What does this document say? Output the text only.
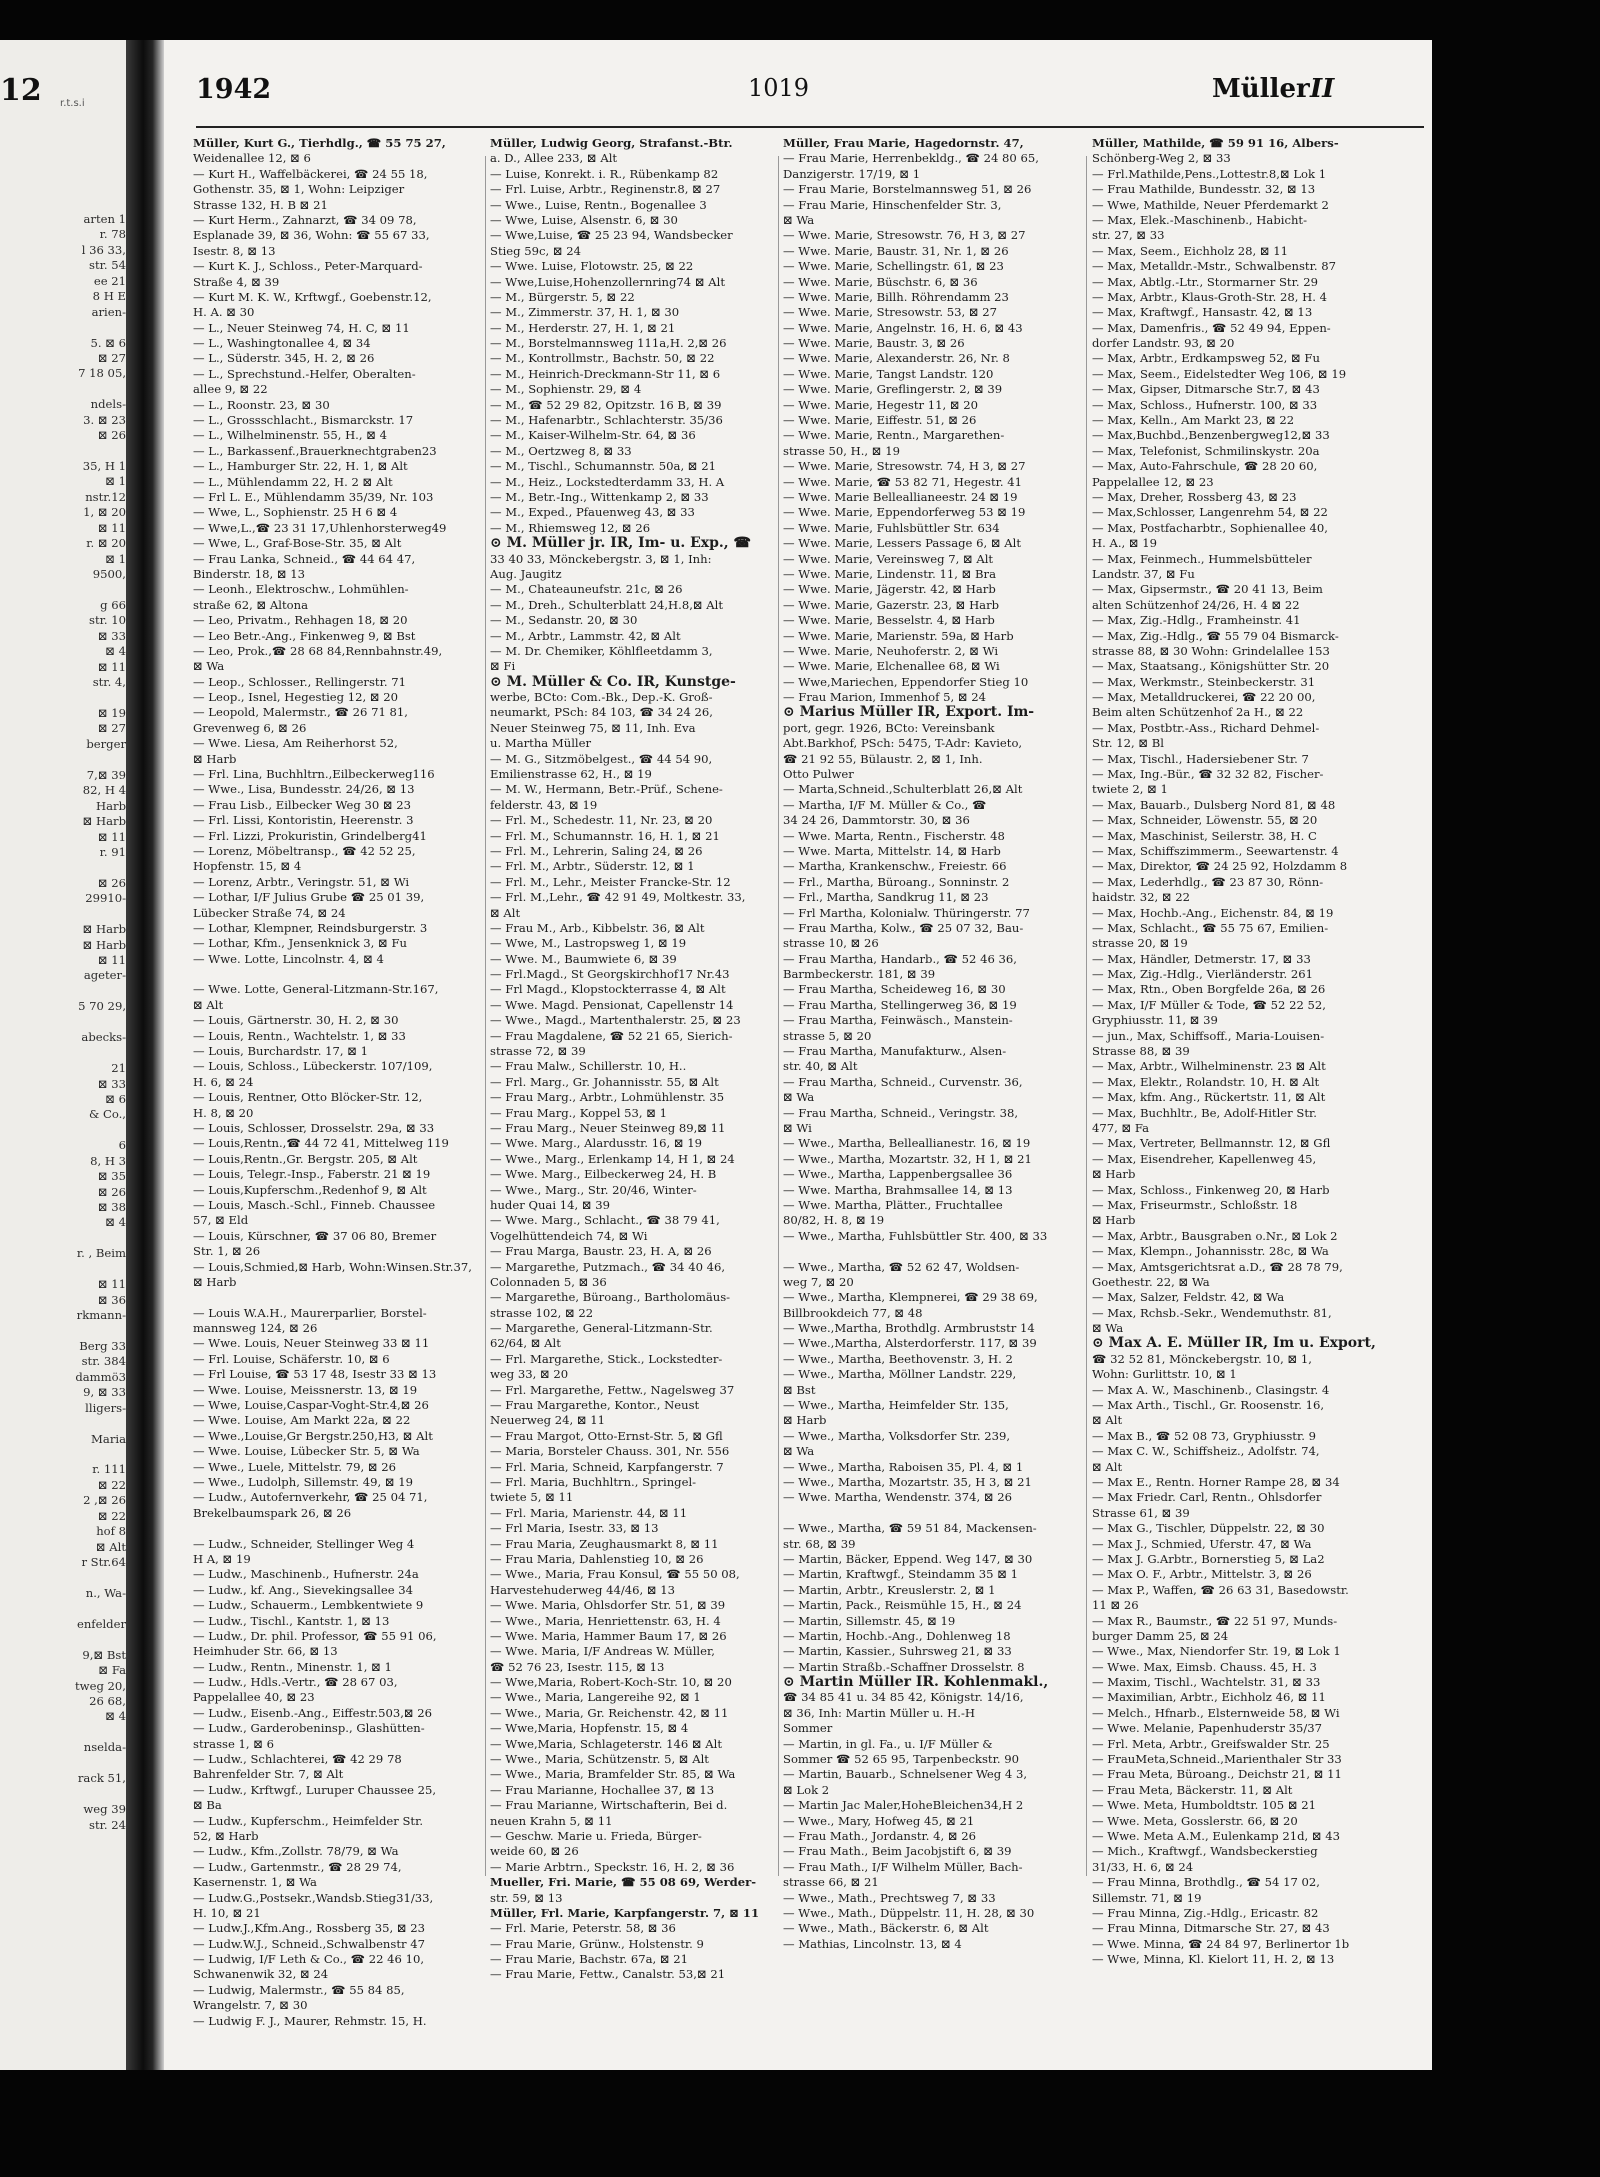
arten 1
r. 78
l 36 33,
str. 54
ee 21
8 H E
arien-
5. ⊠ 6
⊠ 27
7 18 05,
ndels-
3. ⊠ 23
⊠ 26
35, H 1
⊠ 1
nstr.12
1, ⊠ 20
⊠ 11
r. ⊠ 20
⊠ 1
9500,
g 66
str. 10
⊠ 33
⊠ 4
⊠ 11
str. 4,
⊠ 19
⊠ 27
berger
7,⊠ 39
82, H 4
Harb
⊠ Harb
⊠ 11
r. 91
⊠ 26
29910-
⊠ Harb
⊠ Harb
⊠ 11
ageter-
5 70 29,
abecks-
21
⊠ 33
⊠ 6
& Co.,
6
8, H 3
⊠ 35
⊠ 26
⊠ 38
⊠ 4
r. , Beim
⊠ 11
⊠ 36
rkmann-
Berg 33
str. 384
dammö3
9, ⊠ 33
lligers-
Maria
r. 111
⊠ 22
2 ,⊠ 26
⊠ 22
hof 8
⊠ Alt
r Str.64
n., Wa-
enfelder
9,⊠ Bst
⊠ Fa
tweg 20,
26 68,
⊠ 4
nselda-
rack 51,
weg 39
str. 24
12 r.t.s.i	1942	1019	Müller II
Müller, Kurt G., Tierhdlg., ☎ 55 75 27,
Weidenallee 12, ⊠ 6
— Kurt H., Waffelbäckerei, ☎ 24 55 18,
Gothenstr. 35, ⊠ 1, Wohn: Leipziger
Strasse 132, H. B ⊠ 21
— Kurt Herm., Zahnarzt, ☎ 34 09 78,
Esplanade 39, ⊠ 36, Wohn: ☎ 55 67 33,
Isestr. 8, ⊠ 13
— Kurt K. J., Schloss., Peter-Marquard-
Straße 4, ⊠ 39
— Kurt M. K. W., Krftwgf., Goebenstr.12,
H. A. ⊠ 30
— L., Neuer Steinweg 74, H. C, ⊠ 11
— L., Washingtonallee 4, ⊠ 34
— L., Süderstr. 345, H. 2, ⊠ 26
— L., Sprechstund.-Helfer, Oberalten-
allee 9, ⊠ 22
— L., Roonstr. 23, ⊠ 30
— L., Grossschlacht., Bismarckstr. 17
— L., Wilhelminenstr. 55, H., ⊠ 4
— L., Barkassenf.,Brauerknechtgraben23
— L., Hamburger Str. 22, H. 1, ⊠ Alt
— L., Mühlendamm 22, H. 2 ⊠ Alt
— Frl L. E., Mühlendamm 35/39, Nr. 103
— Wwe, L., Sophienstr. 25 H 6 ⊠ 4
— Wwe,L.,☎ 23 31 17,Uhlenhorsterweg49
— Wwe, L., Graf-Bose-Str. 35, ⊠ Alt
— Frau Lanka, Schneid., ☎ 44 64 47,
Binderstr. 18, ⊠ 13
— Leonh., Elektroschw., Lohmühlen-
straße 62, ⊠ Altona
— Leo, Privatm., Rehhagen 18, ⊠ 20
— Leo Betr.-Ang., Finkenweg 9, ⊠ Bst
— Leo, Prok.,☎ 28 68 84,Rennbahnstr.49,
⊠ Wa
— Leop., Schlosser., Rellingerstr. 71
— Leop., Isnel, Hegestieg 12, ⊠ 20
— Leopold, Malermstr., ☎ 26 71 81,
Grevenweg 6, ⊠ 26
— Wwe. Liesa, Am Reiherhorst 52,
⊠ Harb
— Frl. Lina, Buchhltrn.,Eilbeckerweg116
— Wwe., Lisa, Bundesstr. 24/26, ⊠ 13
— Frau Lisb., Eilbecker Weg 30 ⊠ 23
— Frl. Lissi, Kontoristin, Heerenstr. 3
— Frl. Lizzi, Prokuristin, Grindelberg41
— Lorenz, Möbeltransp., ☎ 42 52 25,
Hopfenstr. 15, ⊠ 4
— Lorenz, Arbtr., Veringstr. 51, ⊠ Wi
— Lothar, I/F Julius Grube ☎ 25 01 39,
Lübecker Straße 74, ⊠ 24
— Lothar, Klempner, Reindsburgerstr. 3
— Lothar, Kfm., Jensenknick 3, ⊠ Fu
— Wwe. Lotte, Lincolnstr. 4, ⊠ 4
— Wwe. Lotte, General-Litzmann-Str.167,
⊠ Alt
— Louis, Gärtnerstr. 30, H. 2, ⊠ 30
— Louis, Rentn., Wachtelstr. 1, ⊠ 33
— Louis, Burchardstr. 17, ⊠ 1
— Louis, Schloss., Lübeckerstr. 107/109,
H. 6, ⊠ 24
— Louis, Rentner, Otto Blöcker-Str. 12,
H. 8, ⊠ 20
— Louis, Schlosser, Drosselstr. 29a, ⊠ 33
— Louis,Rentn.,☎ 44 72 41, Mittelweg 119
— Louis,Rentn.,Gr. Bergstr. 205, ⊠ Alt
— Louis, Telegr.-Insp., Faberstr. 21 ⊠ 19
— Louis,Kupferschm.,Redenhof 9, ⊠ Alt
— Louis, Masch.-Schl., Finneb. Chaussee
57, ⊠ Eld
— Louis, Kürschner, ☎ 37 06 80, Bremer
Str. 1, ⊠ 26
— Louis,Schmied,⊠ Harb, Wohn:Winsen.Str.37,
⊠ Harb
— Louis W.A.H., Maurerparlier, Borstel-
mannsweg 124, ⊠ 26
— Wwe. Louis, Neuer Steinweg 33 ⊠ 11
— Frl. Louise, Schäferstr. 10, ⊠ 6
— Frl Louise, ☎ 53 17 48, Isestr 33 ⊠ 13
— Wwe. Louise, Meissnerstr. 13, ⊠ 19
— Wwe, Louise,Caspar-Voght-Str.4,⊠ 26
— Wwe. Louise, Am Markt 22a, ⊠ 22
— Wwe.,Louise,Gr Bergstr.250,H3, ⊠ Alt
— Wwe. Louise, Lübecker Str. 5, ⊠ Wa
— Wwe., Luele, Mittelstr. 79, ⊠ 26
— Wwe., Ludolph, Sillemstr. 49, ⊠ 19
— Ludw., Autofernverkehr, ☎ 25 04 71,
Brekelbaumspark 26, ⊠ 26
— Ludw., Schneider, Stellinger Weg 4
H A, ⊠ 19
— Ludw., Maschinenb., Hufnerstr. 24a
— Ludw., kf. Ang., Sievekingsallee 34
— Ludw., Schauerm., Lembkentwiete 9
— Ludw., Tischl., Kantstr. 1, ⊠ 13
— Ludw., Dr. phil. Professor, ☎ 55 91 06,
Heimhuder Str. 66, ⊠ 13
— Ludw., Rentn., Minenstr. 1, ⊠ 1
— Ludw., Hdls.-Vertr., ☎ 28 67 03,
Pappelallee 40, ⊠ 23
— Ludw., Eisenb.-Ang., Eiffestr.503,⊠ 26
— Ludw., Garderobeninsp., Glashütten-
strasse 1, ⊠ 6
— Ludw., Schlachterei, ☎ 42 29 78
Bahrenfelder Str. 7, ⊠ Alt
— Ludw., Krftwgf., Luruper Chaussee 25,
⊠ Ba
— Ludw., Kupferschm., Heimfelder Str.
52, ⊠ Harb
— Ludw., Kfm.,Zollstr. 78/79, ⊠ Wa
— Ludw., Gartenmstr., ☎ 28 29 74,
Kasernenstr. 1, ⊠ Wa
— Ludw.G.,Postsekr.,Wandsb.Stieg31/33,
H. 10, ⊠ 21
— Ludw.J.,Kfm.Ang., Rossberg 35, ⊠ 23
— Ludw.W.J., Schneid.,Schwalbenstr 47
— Ludwig, I/F Leth & Co., ☎ 22 46 10,
Schwanenwik 32, ⊠ 24
— Ludwig, Malermstr., ☎ 55 84 85,
Wrangelstr. 7, ⊠ 30
— Ludwig F. J., Maurer, Rehmstr. 15, H.
Müller, Ludwig Georg, Strafanst.-Btr.
a. D., Allee 233, ⊠ Alt
— Luise, Konrekt. i. R., Rübenkamp 82
— Frl. Luise, Arbtr., Reginenstr.8, ⊠ 27
— Wwe., Luise, Rentn., Bogenallee 3
— Wwe, Luise, Alsenstr. 6, ⊠ 30
— Wwe,Luise, ☎ 25 23 94, Wandsbecker
Stieg 59c, ⊠ 24
— Wwe. Luise, Flotowstr. 25, ⊠ 22
— Wwe,Luise,Hohenzollernring74 ⊠ Alt
— M., Bürgerstr. 5, ⊠ 22
— M., Zimmerstr. 37, H. 1, ⊠ 30
— M., Herderstr. 27, H. 1, ⊠ 21
— M., Borstelmannsweg 111a,H. 2,⊠ 26
— M., Kontrollmstr., Bachstr. 50, ⊠ 22
— M., Heinrich-Dreckmann-Str 11, ⊠ 6
— M., Sophienstr. 29, ⊠ 4
— M., ☎ 52 29 82, Opitzstr. 16 B, ⊠ 39
— M., Hafenarbtr., Schlachterstr. 35/36
— M., Kaiser-Wilhelm-Str. 64, ⊠ 36
— M., Oertzweg 8, ⊠ 33
— M., Tischl., Schumannstr. 50a, ⊠ 21
— M., Heiz., Lockstedterdamm 33, H. A
— M., Betr.-Ing., Wittenkamp 2, ⊠ 33
— M., Exped., Pfauenweg 43, ⊠ 33
— M., Rhiemsweg 12, ⊠ 26
⊙ M. Müller jr. IR, Im- u. Exp., ☎
33 40 33, Mönckebergstr. 3, ⊠ 1, Inh:
Aug. Jaugitz
— M., Chateauneufstr. 21c, ⊠ 26
— M., Dreh., Schulterblatt 24,H.8,⊠ Alt
— M., Sedanstr. 20, ⊠ 30
— M., Arbtr., Lammstr. 42, ⊠ Alt
— M. Dr. Chemiker, Köhlfleetdamm 3,
⊠ Fi
⊙ M. Müller & Co. IR, Kunstge-
werbe, BCto: Com.-Bk., Dep.-K. Groß-
neumarkt, PSch: 84 103, ☎ 34 24 26,
Neuer Steinweg 75, ⊠ 11, Inh. Eva
u. Martha Müller
— M. G., Sitzmöbelgest., ☎ 44 54 90,
Emilienstrasse 62, H., ⊠ 19
— M. W., Hermann, Betr.-Prüf., Schene-
felderstr. 43, ⊠ 19
— Frl. M., Schedestr. 11, Nr. 23, ⊠ 20
— Frl. M., Schumannstr. 16, H. 1, ⊠ 21
— Frl. M., Lehrerin, Saling 24, ⊠ 26
— Frl. M., Arbtr., Süderstr. 12, ⊠ 1
— Frl. M., Lehr., Meister Francke-Str. 12
— Frl. M.,Lehr., ☎ 42 91 49, Moltkestr. 33,
⊠ Alt
— Frau M., Arb., Kibbelstr. 36, ⊠ Alt
— Wwe, M., Lastropsweg 1, ⊠ 19
— Wwe. M., Baumwiete 6, ⊠ 39
— Frl.Magd., St Georgskirchhof17 Nr.43
— Frl Magd., Klopstockterrasse 4, ⊠ Alt
— Wwe. Magd. Pensionat, Capellenstr 14
— Wwe., Magd., Martenthalerstr. 25, ⊠ 23
— Frau Magdalene, ☎ 52 21 65, Sierich-
strasse 72, ⊠ 39
— Frau Malw., Schillerstr. 10, H..
— Frl. Marg., Gr. Johannisstr. 55, ⊠ Alt
— Frau Marg., Arbtr., Lohmühlenstr. 35
— Frau Marg., Koppel 53, ⊠ 1
— Frau Marg., Neuer Steinweg 89,⊠ 11
— Wwe. Marg., Alardusstr. 16, ⊠ 19
— Wwe., Marg., Erlenkamp 14, H 1, ⊠ 24
— Wwe. Marg., Eilbeckerweg 24, H. B
— Wwe., Marg., Str. 20/46, Winter-
huder Quai 14, ⊠ 39
— Wwe. Marg., Schlacht., ☎ 38 79 41,
Vogelhüttendeich 74, ⊠ Wi
— Frau Marga, Baustr. 23, H. A, ⊠ 26
— Margarethe, Putzmach., ☎ 34 40 46,
Colonnaden 5, ⊠ 36
— Margarethe, Büroang., Bartholomäus-
strasse 102, ⊠ 22
— Margarethe, General-Litzmann-Str.
62/64, ⊠ Alt
— Frl. Margarethe, Stick., Lockstedter-
weg 33, ⊠ 20
— Frl. Margarethe, Fettw., Nagelsweg 37
— Frau Margarethe, Kontor., Neust
Neuerweg 24, ⊠ 11
— Frau Margot, Otto-Ernst-Str. 5, ⊠ Gfl
— Maria, Borsteler Chauss. 301, Nr. 556
— Frl. Maria, Schneid, Karpfangerstr. 7
— Frl. Maria, Buchhltrn., Springel-
twiete 5, ⊠ 11
— Frl. Maria, Marienstr. 44, ⊠ 11
— Frl Maria, Isestr. 33, ⊠ 13
— Frau Maria, Zeughausmarkt 8, ⊠ 11
— Frau Maria, Dahlenstieg 10, ⊠ 26
— Wwe., Maria, Frau Konsul, ☎ 55 50 08,
Harvestehuderweg 44/46, ⊠ 13
— Wwe. Maria, Ohlsdorfer Str. 51, ⊠ 39
— Wwe., Maria, Henriettenstr. 63, H. 4
— Wwe. Maria, Hammer Baum 17, ⊠ 26
— Wwe. Maria, I/F Andreas W. Müller,
☎ 52 76 23, Isestr. 115, ⊠ 13
— Wwe,Maria, Robert-Koch-Str. 10, ⊠ 20
— Wwe., Maria, Langereihe 92, ⊠ 1
— Wwe., Maria, Gr. Reichenstr. 42, ⊠ 11
— Wwe,Maria, Hopfenstr. 15, ⊠ 4
— Wwe,Maria, Schlageterstr. 146 ⊠ Alt
— Wwe., Maria, Schützenstr. 5, ⊠ Alt
— Wwe., Maria, Bramfelder Str. 85, ⊠ Wa
— Frau Marianne, Hochallee 37, ⊠ 13
— Frau Marianne, Wirtschafterin, Bei d.
neuen Krahn 5, ⊠ 11
— Geschw. Marie u. Frieda, Bürger-
weide 60, ⊠ 26
— Marie Arbtrn., Speckstr. 16, H. 2, ⊠ 36
Mueller, Fri. Marie, ☎ 55 08 69, Werder-
str. 59, ⊠ 13
Müller, Frl. Marie, Karpfangerstr. 7, ⊠ 11
— Frl. Marie, Peterstr. 58, ⊠ 36
— Frau Marie, Grünw., Holstenstr. 9
— Frau Marie, Bachstr. 67a, ⊠ 21
— Frau Marie, Fettw., Canalstr. 53,⊠ 21
Müller, Frau Marie, Hagedornstr. 47,
— Frau Marie, Herrenbekldg., ☎ 24 80 65,
Danzigerstr. 17/19, ⊠ 1
— Frau Marie, Borstelmannsweg 51, ⊠ 26
— Frau Marie, Hinschenfelder Str. 3,
⊠ Wa
— Wwe. Marie, Stresowstr. 76, H 3, ⊠ 27
— Wwe. Marie, Baustr. 31, Nr. 1, ⊠ 26
— Wwe. Marie, Schellingstr. 61, ⊠ 23
— Wwe. Marie, Büschstr. 6, ⊠ 36
— Wwe. Marie, Billh. Röhrendamm 23
— Wwe. Marie, Stresowstr. 53, ⊠ 27
— Wwe. Marie, Angelnstr. 16, H. 6, ⊠ 43
— Wwe. Marie, Baustr. 3, ⊠ 26
— Wwe. Marie, Alexanderstr. 26, Nr. 8
— Wwe. Marie, Tangst Landstr. 120
— Wwe. Marie, Greflingerstr. 2, ⊠ 39
— Wwe. Marie, Hegestr 11, ⊠ 20
— Wwe. Marie, Eiffestr. 51, ⊠ 26
— Wwe. Marie, Rentn., Margarethen-
strasse 50, H., ⊠ 19
— Wwe. Marie, Stresowstr. 74, H 3, ⊠ 27
— Wwe. Marie, ☎ 53 82 71, Hegestr. 41
— Wwe. Marie Belleallianeestr. 24 ⊠ 19
— Wwe. Marie, Eppendorferweg 53 ⊠ 19
— Wwe. Marie, Fuhlsbüttler Str. 634
— Wwe. Marie, Lessers Passage 6, ⊠ Alt
— Wwe. Marie, Vereinsweg 7, ⊠ Alt
— Wwe. Marie, Lindenstr. 11, ⊠ Bra
— Wwe. Marie, Jägerstr. 42, ⊠ Harb
— Wwe. Marie, Gazerstr. 23, ⊠ Harb
— Wwe. Marie, Besselstr. 4, ⊠ Harb
— Wwe. Marie, Marienstr. 59a, ⊠ Harb
— Wwe. Marie, Neuhoferstr. 2, ⊠ Wi
— Wwe. Marie, Elchenallee 68, ⊠ Wi
— Wwe,Mariechen, Eppendorfer Stieg 10
— Frau Marion, Immenhof 5, ⊠ 24
⊙ Marius Müller IR, Export. Im-
port, gegr. 1926, BCto: Vereinsbank
Abt.Barkhof, PSch: 5475, T-Adr: Kavieto,
☎ 21 92 55, Bülaustr. 2, ⊠ 1, Inh.
Otto Pulwer
— Marta,Schneid.,Schulterblatt 26,⊠ Alt
— Martha, I/F M. Müller & Co., ☎
34 24 26, Dammtorstr. 30, ⊠ 36
— Wwe. Marta, Rentn., Fischerstr. 48
— Wwe. Marta, Mittelstr. 14, ⊠ Harb
— Martha, Krankenschw., Freiestr. 66
— Frl., Martha, Büroang., Sonninstr. 2
— Frl., Martha, Sandkrug 11, ⊠ 23
— Frl Martha, Kolonialw. Thüringerstr. 77
— Frau Martha, Kolw., ☎ 25 07 32, Bau-
strasse 10, ⊠ 26
— Frau Martha, Handarb., ☎ 52 46 36,
Barmbeckerstr. 181, ⊠ 39
— Frau Martha, Scheideweg 16, ⊠ 30
— Frau Martha, Stellingerweg 36, ⊠ 19
— Frau Martha, Feinwäsch., Manstein-
strasse 5, ⊠ 20
— Frau Martha, Manufakturw., Alsen-
str. 40, ⊠ Alt
— Frau Martha, Schneid., Curvenstr. 36,
⊠ Wa
— Frau Martha, Schneid., Veringstr. 38,
⊠ Wi
— Wwe., Martha, Belleallianestr. 16, ⊠ 19
— Wwe., Martha, Mozartstr. 32, H 1, ⊠ 21
— Wwe., Martha, Lappenbergsallee 36
— Wwe. Martha, Brahmsallee 14, ⊠ 13
— Wwe. Martha, Plätter., Fruchtallee
80/82, H. 8, ⊠ 19
— Wwe., Martha, Fuhlsbüttler Str. 400, ⊠ 33
— Wwe., Martha, ☎ 52 62 47, Woldsen-
weg 7, ⊠ 20
— Wwe., Martha, Klempnerei, ☎ 29 38 69,
Billbrookdeich 77, ⊠ 48
— Wwe.,Martha, Brothdlg. Armbruststr 14
— Wwe.,Martha, Alsterdorferstr. 117, ⊠ 39
— Wwe., Martha, Beethovenstr. 3, H. 2
— Wwe., Martha, Möllner Landstr. 229,
⊠ Bst
— Wwe., Martha, Heimfelder Str. 135,
⊠ Harb
— Wwe., Martha, Volksdorfer Str. 239,
⊠ Wa
— Wwe., Martha, Raboisen 35, Pl. 4, ⊠ 1
— Wwe., Martha, Mozartstr. 35, H 3, ⊠ 21
— Wwe. Martha, Wendenstr. 374, ⊠ 26
— Wwe., Martha, ☎ 59 51 84, Mackensen-
str. 68, ⊠ 39
— Martin, Bäcker, Eppend. Weg 147, ⊠ 30
— Martin, Kraftwgf., Steindamm 35 ⊠ 1
— Martin, Arbtr., Kreuslerstr. 2, ⊠ 1
— Martin, Pack., Reismühle 15, H., ⊠ 24
— Martin, Sillemstr. 45, ⊠ 19
— Martin, Hochb.-Ang., Dohlenweg 18
— Martin, Kassier., Suhrsweg 21, ⊠ 33
— Martin Straßb.-Schaffner Drosselstr. 8
⊙ Martin Müller IR. Kohlenmakl.,
☎ 34 85 41 u. 34 85 42, Königstr. 14/16,
⊠ 36, Inh: Martin Müller u. H.-H
Sommer
— Martin, in gl. Fa., u. I/F Müller &
Sommer ☎ 52 65 95, Tarpenbeckstr. 90
— Martin, Bauarb., Schnelsener Weg 4 3,
⊠ Lok 2
— Martin Jac Maler,HoheBleichen34,H 2
— Wwe., Mary, Hofweg 45, ⊠ 21
— Frau Math., Jordanstr. 4, ⊠ 26
— Frau Math., Beim Jacobjstift 6, ⊠ 39
— Frau Math., I/F Wilhelm Müller, Bach-
strasse 66, ⊠ 21
— Wwe., Math., Prechtsweg 7, ⊠ 33
— Wwe., Math., Düppelstr. 11, H. 28, ⊠ 30
— Wwe., Math., Bäckerstr. 6, ⊠ Alt
— Mathias, Lincolnstr. 13, ⊠ 4
Müller, Mathilde, ☎ 59 91 16, Albers-
Schönberg-Weg 2, ⊠ 33
— Frl.Mathilde,Pens.,Lottestr.8,⊠ Lok 1
— Frau Mathilde, Bundesstr. 32, ⊠ 13
— Wwe, Mathilde, Neuer Pferdemarkt 2
— Max, Elek.-Maschinenb., Habicht-
str. 27, ⊠ 33
— Max, Seem., Eichholz 28, ⊠ 11
— Max, Metalldr.-Mstr., Schwalbenstr. 87
— Max, Abtlg.-Ltr., Stormarner Str. 29
— Max, Arbtr., Klaus-Groth-Str. 28, H. 4
— Max, Kraftwgf., Hansastr. 42, ⊠ 13
— Max, Damenfris., ☎ 52 49 94, Eppen-
dorfer Landstr. 93, ⊠ 20
— Max, Arbtr., Erdkampsweg 52, ⊠ Fu
— Max, Seem., Eidelstedter Weg 106, ⊠ 19
— Max, Gipser, Ditmarsche Str.7, ⊠ 43
— Max, Schloss., Hufnerstr. 100, ⊠ 33
— Max, Kelln., Am Markt 23, ⊠ 22
— Max,Buchbd.,Benzenbergweg12,⊠ 33
— Max, Telefonist, Schmilinskystr. 20a
— Max, Auto-Fahrschule, ☎ 28 20 60,
Pappelallee 12, ⊠ 23
— Max, Dreher, Rossberg 43, ⊠ 23
— Max,Schlosser, Langenrehm 54, ⊠ 22
— Max, Postfacharbtr., Sophienallee 40,
H. A., ⊠ 19
— Max, Feinmech., Hummelsbütteler
Landstr. 37, ⊠ Fu
— Max, Gipsermstr., ☎ 20 41 13, Beim
alten Schützenhof 24/26, H. 4 ⊠ 22
— Max, Zig.-Hdlg., Framheinstr. 41
— Max, Zig.-Hdlg., ☎ 55 79 04 Bismarck-
strasse 88, ⊠ 30 Wohn: Grindelallee 153
— Max, Staatsang., Königshütter Str. 20
— Max, Werkmstr., Steinbeckerstr. 31
— Max, Metalldruckerei, ☎ 22 20 00,
Beim alten Schützenhof 2a H., ⊠ 22
— Max, Postbtr.-Ass., Richard Dehmel-
Str. 12, ⊠ Bl
— Max, Tischl., Hadersiebener Str. 7
— Max, Ing.-Bür., ☎ 32 32 82, Fischer-
twiete 2, ⊠ 1
— Max, Bauarb., Dulsberg Nord 81, ⊠ 48
— Max, Schneider, Löwenstr. 55, ⊠ 20
— Max, Maschinist, Seilerstr. 38, H. C
— Max, Schiffszimmerm., Seewartenstr. 4
— Max, Direktor, ☎ 24 25 92, Holzdamm 8
— Max, Lederhdlg., ☎ 23 87 30, Rönn-
haidstr. 32, ⊠ 22
— Max, Hochb.-Ang., Eichenstr. 84, ⊠ 19
— Max, Schlacht., ☎ 55 75 67, Emilien-
strasse 20, ⊠ 19
— Max, Händler, Detmerstr. 17, ⊠ 33
— Max, Zig.-Hdlg., Vierländerstr. 261
— Max, Rtn., Oben Borgfelde 26a, ⊠ 26
— Max, I/F Müller & Tode, ☎ 52 22 52,
Gryphiusstr. 11, ⊠ 39
— jun., Max, Schiffsoff., Maria-Louisen-
Strasse 88, ⊠ 39
— Max, Arbtr., Wilhelminenstr. 23 ⊠ Alt
— Max, Elektr., Rolandstr. 10, H. ⊠ Alt
— Max, kfm. Ang., Rückertstr. 11, ⊠ Alt
— Max, Buchhltr., Be, Adolf-Hitler Str.
477, ⊠ Fa
— Max, Vertreter, Bellmannstr. 12, ⊠ Gfl
— Max, Eisendreher, Kapellenweg 45,
⊠ Harb
— Max, Schloss., Finkenweg 20, ⊠ Harb
— Max, Friseurmstr., Schloßstr. 18
⊠ Harb
— Max, Arbtr., Bausgraben o.Nr., ⊠ Lok 2
— Max, Klempn., Johannisstr. 28c, ⊠ Wa
— Max, Amtsgerichtsrat a.D., ☎ 28 78 79,
Goethestr. 22, ⊠ Wa
— Max, Salzer, Feldstr. 42, ⊠ Wa
— Max, Rchsb.-Sekr., Wendemuthstr. 81,
⊠ Wa
⊙ Max A. E. Müller IR, Im u. Export,
☎ 32 52 81, Mönckebergstr. 10, ⊠ 1,
Wohn: Gurlittstr. 10, ⊠ 1
— Max A. W., Maschinenb., Clasingstr. 4
— Max Arth., Tischl., Gr. Roosenstr. 16,
⊠ Alt
— Max B., ☎ 52 08 73, Gryphiusstr. 9
— Max C. W., Schiffsheiz., Adolfstr. 74,
⊠ Alt
— Max E., Rentn. Horner Rampe 28, ⊠ 34
— Max Friedr. Carl, Rentn., Ohlsdorfer
Strasse 61, ⊠ 39
— Max G., Tischler, Düppelstr. 22, ⊠ 30
— Max J., Schmied, Uferstr. 47, ⊠ Wa
— Max J. G.Arbtr., Bornerstieg 5, ⊠ La2
— Max O. F., Arbtr., Mittelstr. 3, ⊠ 26
— Max P., Waffen, ☎ 26 63 31, Basedowstr.
11 ⊠ 26
— Max R., Baumstr., ☎ 22 51 97, Munds-
burger Damm 25, ⊠ 24
— Wwe., Max, Niendorfer Str. 19, ⊠ Lok 1
— Wwe. Max, Eimsb. Chauss. 45, H. 3
— Maxim, Tischl., Wachtelstr. 31, ⊠ 33
— Maximilian, Arbtr., Eichholz 46, ⊠ 11
— Melch., Hfnarb., Elsternweide 58, ⊠ Wi
— Wwe. Melanie, Papenhuderstr 35/37
— Frl. Meta, Arbtr., Greifswalder Str. 25
— FrauMeta,Schneid.,Marienthaler Str 33
— Frau Meta, Büroang., Deichstr 21, ⊠ 11
— Frau Meta, Bäckerstr. 11, ⊠ Alt
— Wwe. Meta, Humboldtstr. 105 ⊠ 21
— Wwe. Meta, Gosslerstr. 66, ⊠ 20
— Wwe. Meta A.M., Eulenkamp 21d, ⊠ 43
— Mich., Kraftwgf., Wandsbeckerstieg
31/33, H. 6, ⊠ 24
— Frau Minna, Brothdlg., ☎ 54 17 02,
Sillemstr. 71, ⊠ 19
— Frau Minna, Zig.-Hdlg., Ericastr. 82
— Frau Minna, Ditmarsche Str. 27, ⊠ 43
— Wwe. Minna, ☎ 24 84 97, Berlinertor 1b
— Wwe, Minna, Kl. Kielort 11, H. 2, ⊠ 13
